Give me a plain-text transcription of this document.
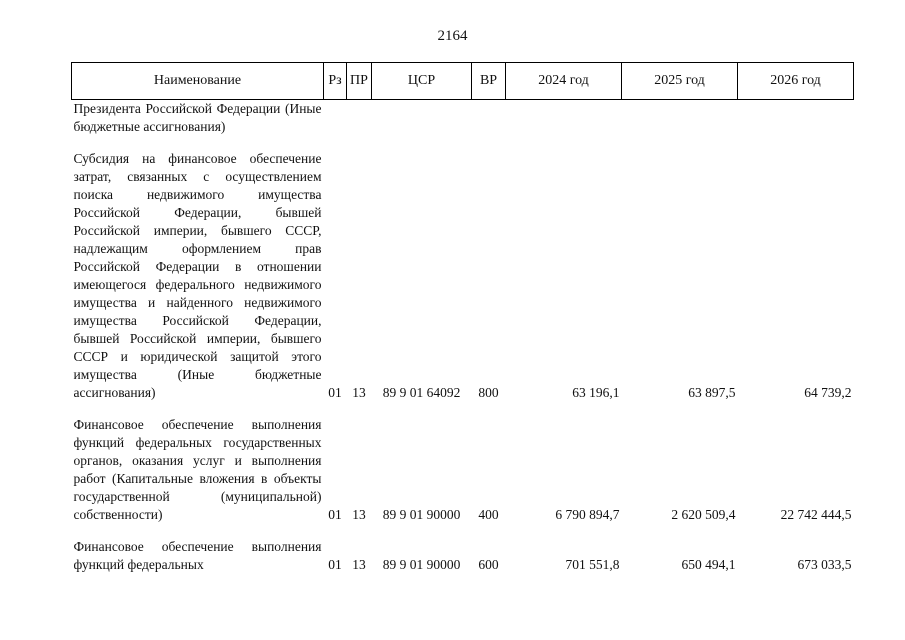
2164
Наименование	Рз	ПР	ЦСР	ВР	2024 год	2025 год	2026 год
Президента Российской Федерации (Иные бюджетные ассигнования)							

Субсидия на финансовое обеспечение затрат, связанных с осуществлением поиска недвижимого имущества Российской Федерации, бывшей Российской империи, бывшего СССР, надлежащим оформлением прав Российской Федерации в отношении имеющегося федерального недвижимого имущества и найденного недвижимого имущества Российской Федерации, бывшей Российской империи, бывшего СССР и юридической защитой этого имущества (Иные бюджетные ассигнования)	01	13	89 9 01 64092	800	63 196,1	63 897,5	64 739,2

Финансовое обеспечение выполнения функций федеральных государственных органов, оказания услуг и выполнения работ (Капитальные вложения в объекты государственной (муниципальной) собственности)	01	13	89 9 01 90000	400	6 790 894,7	2 620 509,4	22 742 444,5

Финансовое обеспечение выполнения функций федеральных	01	13	89 9 01 90000	600	701 551,8	650 494,1	673 033,5
